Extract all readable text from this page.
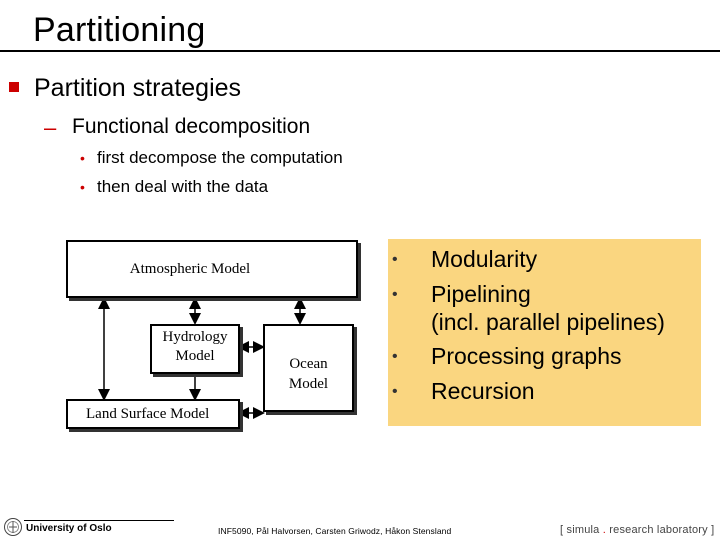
Partitioning
Partition strategies
– Functional decomposition
• first decompose the computation
• then deal with the data
Atmospheric Model
Hydrology
Model	Ocean
Model
Land Surface Model
• Modularity
• Pipelining
(incl. parallel pipelines)
• Processing graphs
• Recursion
University of Oslo	INF5090, Pål Halvorsen, Carsten Griwodz, Håkon Stensland	[ simula . research laboratory ]
